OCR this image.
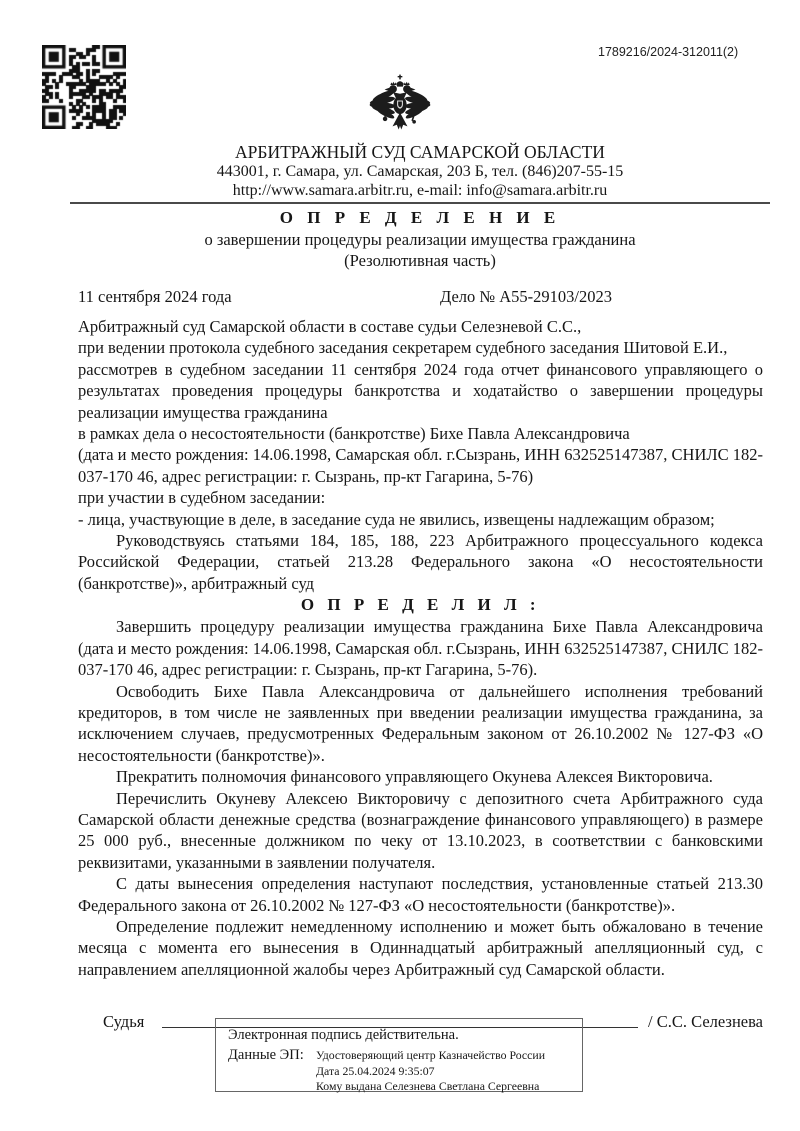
1789216/2024-312011(2)
АРБИТРАЖНЫЙ СУД САМАРСКОЙ ОБЛАСТИ
443001, г. Самара, ул. Самарская, 203 Б, тел. (846)207-55-15
http://www.samara.arbitr.ru, e-mail: info@samara.arbitr.ru
О П Р Е Д Е Л Е Н И Е
о завершении процедуры реализации имущества гражданина
(Резолютивная часть)
11 сентября 2024 года	Дело № А55-29103/2023

Арбитражный суд Самарской области в составе судьи Селезневой С.С.,

при ведении протокола судебного заседания секретарем судебного заседания Шитовой Е.И.,

рассмотрев в судебном заседании 11 сентября 2024 года отчет финансового управляющего о результатах проведения процедуры банкротства и ходатайство о завершении процедуры реализации имущества гражданина

в рамках дела о несостоятельности (банкротстве) Бихе Павла Александровича

(дата и место рождения: 14.06.1998, Самарская обл. г.Сызрань, ИНН 632525147387, СНИЛС 182-037-170 46, адрес регистрации: г. Сызрань, пр-кт Гагарина, 5-76)

при участии в судебном заседании:

- лица, участвующие в деле, в заседание суда не явились, извещены надлежащим образом;

Руководствуясь статьями 184, 185, 188, 223 Арбитражного процессуального кодекса Российской Федерации, статьей 213.28 Федерального закона «О несостоятельности (банкротстве)», арбитражный суд

О П Р Е Д Е Л И Л :

Завершить процедуру реализации имущества гражданина Бихе Павла Александровича (дата и место рождения: 14.06.1998, Самарская обл. г.Сызрань, ИНН 632525147387, СНИЛС 182-037-170 46, адрес регистрации: г. Сызрань, пр-кт Гагарина, 5-76).

Освободить Бихе Павла Александровича от дальнейшего исполнения требований кредиторов, в том числе не заявленных при введении реализации имущества гражданина, за исключением случаев, предусмотренных Федеральным законом от 26.10.2002 № 127-ФЗ «О несостоятельности (банкротстве)».

Прекратить полномочия финансового управляющего Окунева Алексея Викторовича.

Перечислить Окуневу Алексею Викторовичу с депозитного счета Арбитражного суда Самарской области денежные средства (вознаграждение финансового управляющего) в размере 25 000 руб., внесенные должником по чеку от 13.10.2023, в соответствии с банковскими реквизитами, указанными в заявлении получателя.

С даты вынесения определения наступают последствия, установленные статьей 213.30 Федерального закона от 26.10.2002 № 127-ФЗ «О несостоятельности (банкротстве)».

Определение подлежит немедленному исполнению и может быть обжаловано в течение месяца с момента его вынесения в Одиннадцатый арбитражный апелляционный суд, с направлением апелляционной жалобы через Арбитражный суд Самарской области.

Судья	/ С.С. Селезнева
Электронная подпись действительна.
Данные ЭП:	Удостоверяющий центр Казначейство России
Дата 25.04.2024 9:35:07
Кому выдана Селезнева Светлана Сергеевна
